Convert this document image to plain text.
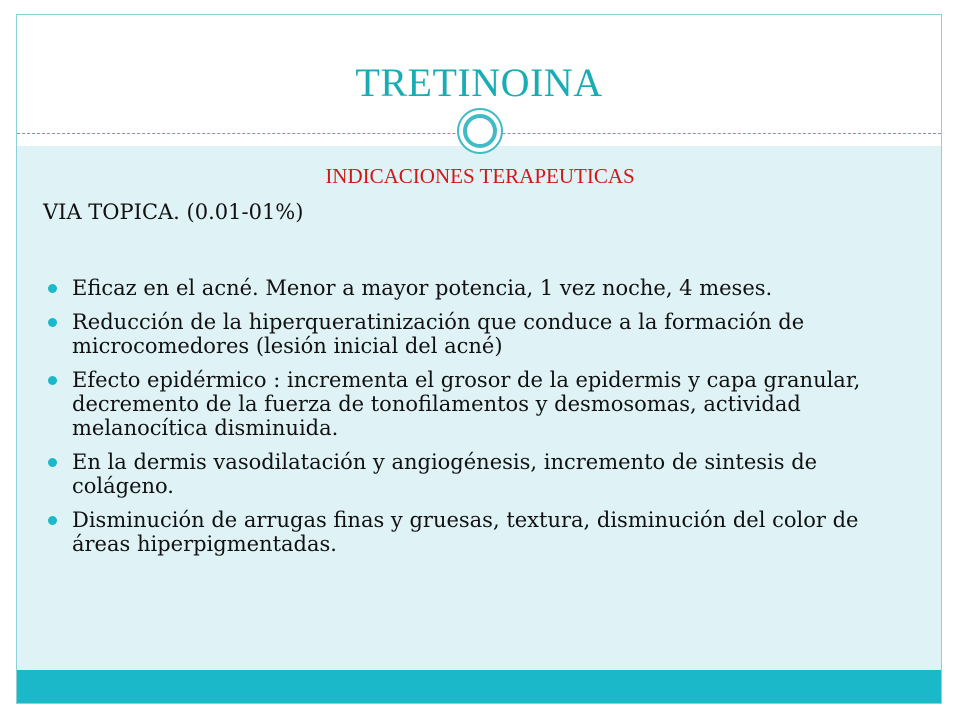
TRETINOINA
INDICACIONES TERAPEUTICAS
VIA TOPICA. (0.01-01%)
Eficaz en el acné. Menor a mayor potencia, 1 vez noche, 4 meses.
Reducción de la hiperqueratinización que conduce a la formación de microcomedores (lesión inicial del acné)
Efecto epidérmico : incrementa el grosor de la epidermis y capa granular, decremento de la fuerza de tonofilamentos y desmosomas, actividad melanocítica disminuida.
En la dermis vasodilatación y angiogénesis, incremento de sintesis de colágeno.
Disminución de arrugas finas y gruesas, textura, disminución del color de áreas hiperpigmentadas.
